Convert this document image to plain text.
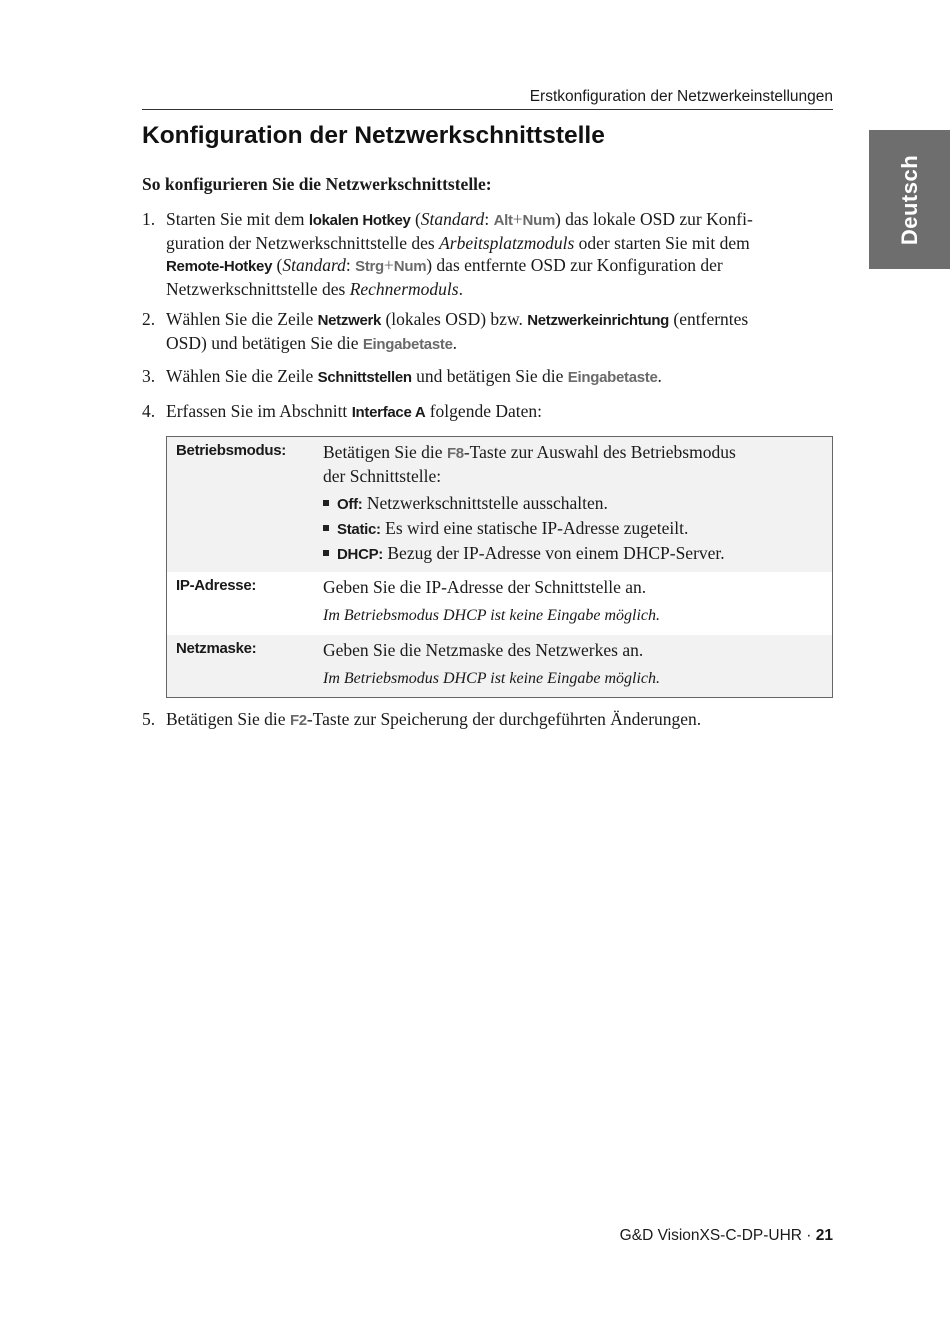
Erstkonfiguration der Netzwerkeinstellungen
Deutsch
Konfiguration der Netzwerkschnittstelle

So konfigurieren Sie die Netzwerkschnittstelle:

1. Starten Sie mit dem lokalen Hotkey (Standard: Alt+Num) das lokale OSD zur Konfi-
guration der Netzwerkschnittstelle des Arbeitsplatzmoduls oder starten Sie mit dem
Remote-Hotkey (Standard: Strg+Num) das entfernte OSD zur Konfiguration der
Netzwerkschnittstelle des Rechnermoduls.
2. Wählen Sie die Zeile Netzwerk (lokales OSD) bzw. Netzwerkeinrichtung (entferntes
OSD) und betätigen Sie die Eingabetaste.
3. Wählen Sie die Zeile Schnittstellen und betätigen Sie die Eingabetaste.
4. Erfassen Sie im Abschnitt Interface A folgende Daten:
Betriebsmodus: Betätigen Sie die F8-Taste zur Auswahl des Betriebsmodus
der Schnittstelle:
Off: Netzwerkschnittstelle ausschalten.
Static: Es wird eine statische IP-Adresse zugeteilt.
DHCP: Bezug der IP-Adresse von einem DHCP-Server.
IP-Adresse:	Geben Sie die IP-Adresse der Schnittstelle an.
Im Betriebsmodus DHCP ist keine Eingabe möglich.
Netzmaske:	Geben Sie die Netzmaske des Netzwerkes an.
Im Betriebsmodus DHCP ist keine Eingabe möglich.
5. Betätigen Sie die F2-Taste zur Speicherung der durchgeführten Änderungen.
G&D VisionXS-C-DP-UHR · 21
